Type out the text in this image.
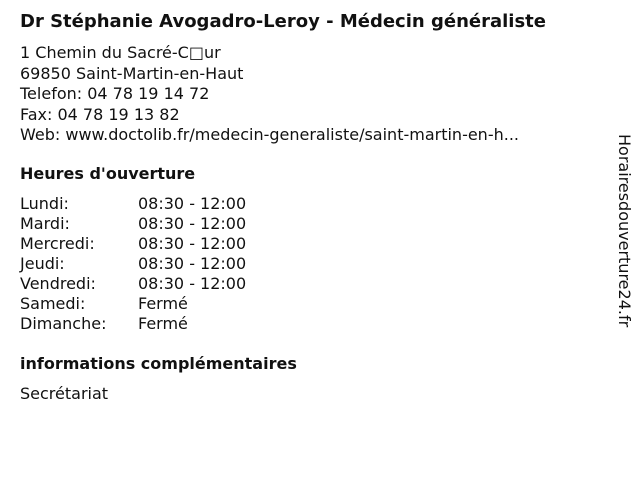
Dr Stéphanie Avogadro-Leroy - Médecin généraliste
1 Chemin du Sacré-C□ur
69850 Saint-Martin-en-Haut
Telefon: 04 78 19 14 72
Fax: 04 78 19 13 82
Web: www.doctolib.fr/medecin-generaliste/saint-martin-en-h...
Heures d'ouverture
Lundi:	08:30 - 12:00
Mardi:	08:30 - 12:00
Mercredi:	08:30 - 12:00
Jeudi:	08:30 - 12:00
Vendredi:	08:30 - 12:00
Samedi:	Fermé
Dimanche:	Fermé
informations complémentaires
Secrétariat
Horairesdouverture24.fr
